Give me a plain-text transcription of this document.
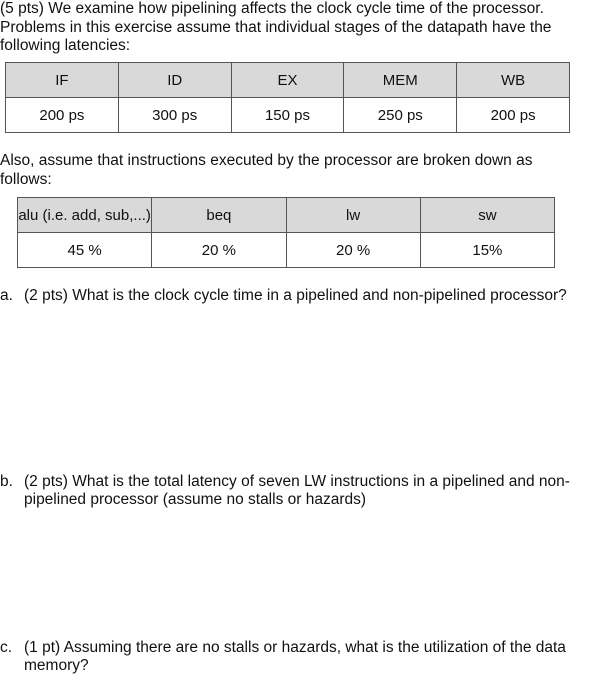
(5 pts) We examine how pipelining affects the clock cycle time of the processor. Problems in this exercise assume that individual stages of the datapath have the following latencies:

IF	ID	EX	MEM	WB
200 ps	300 ps	150 ps	250 ps	200 ps

Also, assume that instructions executed by the processor are broken down as follows:

alu (i.e. add, sub,...)	beq	lw	sw
45 %	20 %	20 %	15%
a. (2 pts) What is the clock cycle time in a pipelined and non-pipelined processor?
b. (2 pts) What is the total latency of seven LW instructions in a pipelined and non-pipelined processor (assume no stalls or hazards)
c. (1 pt) Assuming there are no stalls or hazards, what is the utilization of the data memory?
